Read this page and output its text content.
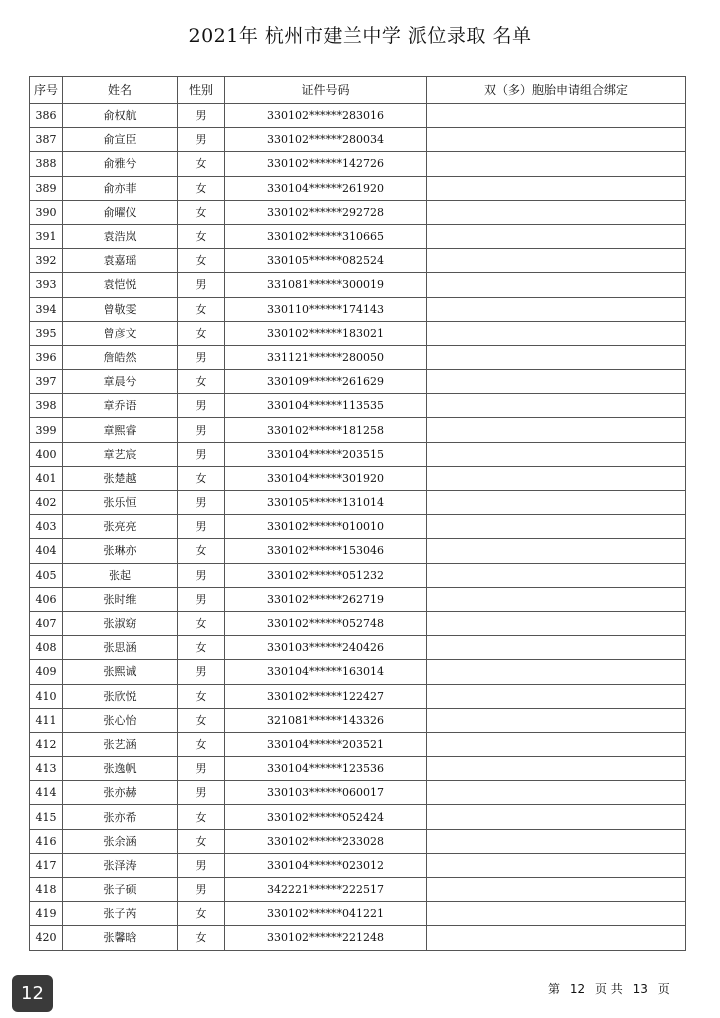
2021年 杭州市建兰中学 派位录取 名单
序号	姓名	性别	证件号码	双（多）胞胎申请组合绑定
386	俞权航	男	330102******283016	
387	俞宣臣	男	330102******280034	
388	俞雅兮	女	330102******142726	
389	俞亦菲	女	330104******261920	
390	俞曜仪	女	330102******292728	
391	袁浩岚	女	330102******310665	
392	袁嘉瑶	女	330105******082524	
393	袁恺悦	男	331081******300019	
394	曾敬雯	女	330110******174143	
395	曾彦文	女	330102******183021	
396	詹皓然	男	331121******280050	
397	章晨兮	女	330109******261629	
398	章乔语	男	330104******113535	
399	章熙睿	男	330102******181258	
400	章艺宸	男	330104******203515	
401	张楚越	女	330104******301920	
402	张乐恒	男	330105******131014	
403	张亮亮	男	330102******010010	
404	张琳亦	女	330102******153046	
405	张起	男	330102******051232	
406	张时维	男	330102******262719	
407	张淑窈	女	330102******052748	
408	张思涵	女	330103******240426	
409	张熙诚	男	330104******163014	
410	张欣悦	女	330102******122427	
411	张心怡	女	321081******143326	
412	张艺涵	女	330104******203521	
413	张逸帆	男	330104******123536	
414	张亦赫	男	330103******060017	
415	张亦希	女	330102******052424	
416	张余涵	女	330102******233028	
417	张泽涛	男	330104******023012	
418	张子硕	男	342221******222517	
419	张子芮	女	330102******041221	
420	张馨晗	女	330102******221248	
12	第 12 页 共 13 页
